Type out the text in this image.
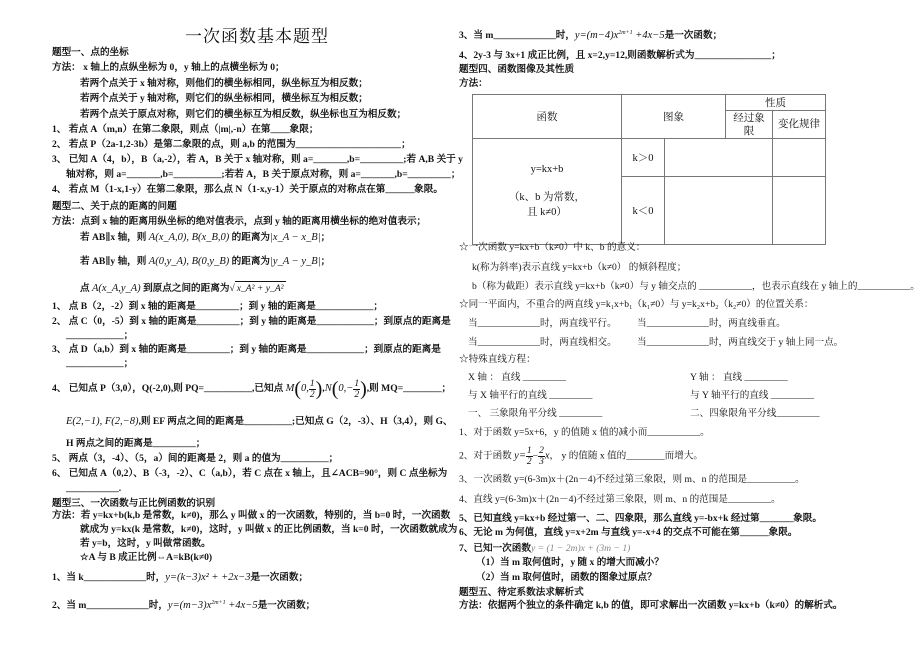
一次函数基本题型
题型一、点的坐标
方法： x 轴上的点纵坐标为 0，y 轴上的点横坐标为 0；
若两个点关于 x 轴对称，则他们的横坐标相同，纵坐标互为相反数；
若两个点关于 y 轴对称，则它们的纵坐标相同，横坐标互为相反数；
若两个点关于原点对称，则它们的横坐标互为相反数，纵坐标也互为相反数；
1、 若点 A（m,n）在第二象限，则点（|m|,-n）在第____象限；
2、 若点 P（2a-1,2-3b）是第二象限的点，则 a,b 的范围为______________________；
3、 已知 A（4，b），B（a,-2），若 A，B 关于 x 轴对称，则 a=_______,b=_________;若 A,B 关于 y
轴对称，则 a=_______,b=__________;若若 A，B 关于原点对称，则 a=_______,b=_________；
4、 若点 M（1-x,1-y）在第二象限，那么点 N（1-x,y-1）关于原点的对称点在第______象限。
题型二、关于点的距离的问题
方法：点到 x 轴的距离用纵坐标的绝对值表示，点到 y 轴的距离用横坐标的绝对值表示；
若 AB∥x 轴，则 A(x_A,0), B(x_B,0) 的距离为|x_A − x_B|；
若 AB∥y 轴，则 A(0,y_A), B(0,y_B) 的距离为|y_A − y_B|；
点 A(x_A,y_A) 到原点之间的距离为√ x_A² + y_A²
1、 点 B（2，-2）到 x 轴的距离是_________；到 y 轴的距离是____________；
2、 点 C（0，-5）到 x 轴的距离是_________；到 y 轴的距离是____________；到原点的距离是
____________；
3、 点 D（a,b）到 x 轴的距离是_________；到 y 轴的距离是____________；到原点的距离是
____________；
4、 已知点 P（3,0），Q(-2,0),则 PQ=__________,已知点 M(0, $\frac{1}{2} ),N(0,- \frac{1}{2}$ ),则 MQ=________；
E(2,−1), F(2,−8),则 EF 两点之间的距离是__________;已知点 G（2，-3）、H（3,4），则 G、
H 两点之间的距离是_________；
5、 两点（3，-4）、（5，a）间的距离是 2，则 a 的值为__________；
6、 已知点 A（0,2）、B（-3，-2）、C（a,b），若 C 点在 x 轴上，且∠ACB=90°，则 C 点坐标为
___________.
题型三、一次函数与正比例函数的识别
方法：若 y=kx+b(k,b 是常数，k≠0)，那么 y 叫做 x 的一次函数，特别的，当 b=0 时，一次函数
就成为 y=kx(k 是常数，k≠0)，这时，y 叫做 x 的正比例函数，当 k=0 时，一次函数就成为
若 y=b，这时，y 叫做常函数。
☆A 与 B 成正比例⇔A=kB(k≠0)
1、当 k_____________时，y=(k−3)x² + +2x−3是一次函数；
2、当 m_____________时，$y=(m-3)x^{2m+1} +4x-5$是一次函数；
3、当 m_____________时，$y=(m-4)x^{2m+1} +4x-5$是一次函数；
4、2y-3 与 3x+1 成正比例，且 x=2,y=12,则函数解析式为________________；
题型四、函数图像及其性质
方法：
函数	图象		性质	
			经过象限	变化规律

y=kx+b
（k、b 为常数，
且 k≠0）	k＞0			
	k＜0			
☆一次函数 y=kx+b（k≠0）中 k、b 的意义：
k(称为斜率)表示直线 y=kx+b（k≠0） 的倾斜程度；
b（称为截距）表示直线 y=kx+b（k≠0）与 y 轴交点的 ___________，也表示直线在 y 轴上的___________。
☆同一平面内，不重合的两直线 y=k₁x+b₁（k₁≠0）与 y=k₂x+b₂（k₂≠0）的位置关系：
当_____________时，两直线平行。 当_____________时，两直线垂直。
当_____________时，两直线相交。 当_____________时，两直线交于 y 轴上同一点。
☆特殊直线方程：
X 轴 ： 直线 _________	Y 轴 ： 直线 _________
与 X 轴平行的直线 _________	与 Y 轴平行的直线 _________
一、 三象限角平分线 _________	二、四象限角平分线_________
1、对于函数 y=5x+6，y 的值随 x 值的减小而___________。
2、对于函数 $y= \frac{1}{2} - \frac{2}{3}$ x， y 的值随 x 值的________而增大。
3、一次函数 y=(6-3m)x＋(2n－4)不经过第三象限，则 m、n 的范围是__________。
4、直线 y=(6-3m)x＋(2n－4)不经过第三象限，则 m、n 的范围是_________。
5、已知直线 y=kx+b 经过第一、二、四象限，那么直线 y=-bx+k 经过第_______象限。
6、无论 m 为何值，直线 y=x+2m 与直线 y=-x+4 的交点不可能在第______象限。
7、已知一次函数y = (1 − 2m)x + (3m − 1)
（1）当 m 取何值时，y 随 x 的增大而减小？
（2）当 m 取何值时，函数的图象过原点？
题型五、待定系数法求解析式
方法：依据两个独立的条件确定 k,b 的值，即可求解出一次函数 y=kx+b（k≠0）的解析式。
